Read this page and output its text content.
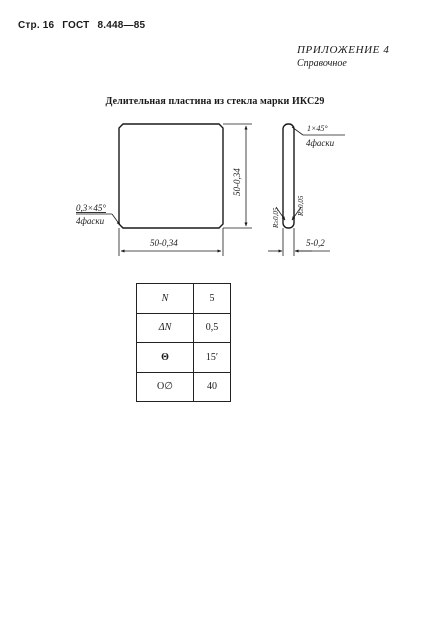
Стр. 16 ГОСТ 8.448—85
ПРИЛОЖЕНИЕ 4
Справочное
Делительная пластина из стекла марки ИКС29
50-0,34
50-0,34
0,3×45°
4фаски
1×45°
4фаски
R≥0,05
R≥0,05
5-0,2
N	5
ΔN	0,5
Θ	15′
O∅	40
